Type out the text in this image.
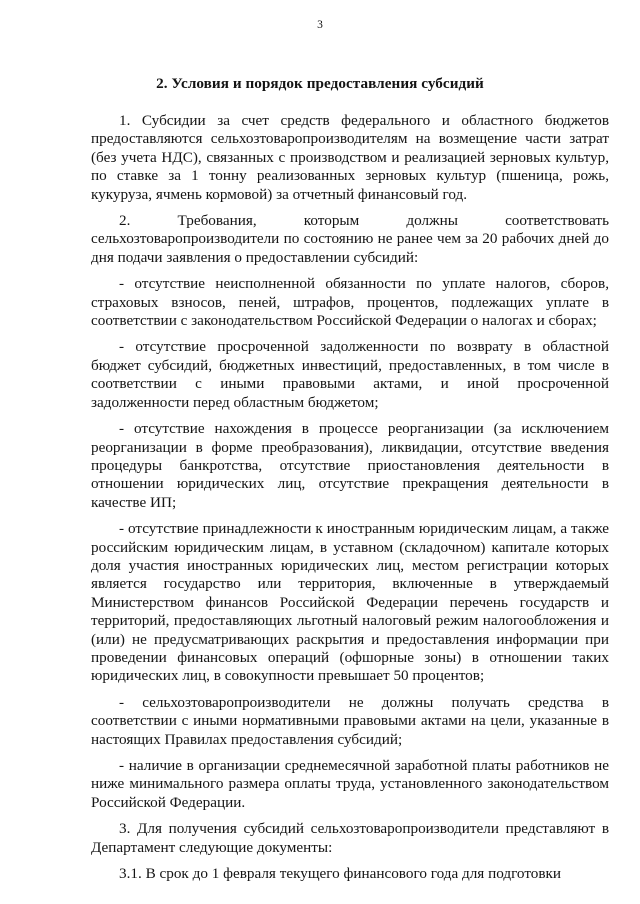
3
2. Условия и порядок предоставления субсидий

1. Субсидии за счет средств федерального и областного бюджетов предоставляются сельхозтоваропроизводителям на возмещение части затрат (без учета НДС), связанных с производством и реализацией зерновых культур, по ставке за 1 тонну реализованных зерновых культур (пшеница, рожь, кукуруза, ячмень кормовой) за отчетный финансовый год.

2. Требования, которым должны соответствовать сельхозтоваропроизводители по состоянию не ранее чем за 20 рабочих дней до дня подачи заявления о предоставлении субсидий:

- отсутствие неисполненной обязанности по уплате налогов, сборов, страховых взносов, пеней, штрафов, процентов, подлежащих уплате в соответствии с законодательством Российской Федерации о налогах и сборах;

- отсутствие просроченной задолженности по возврату в областной бюджет субсидий, бюджетных инвестиций, предоставленных, в том числе в соответствии с иными правовыми актами, и иной просроченной задолженности перед областным бюджетом;

- отсутствие нахождения в процессе реорганизации (за исключением реорганизации в форме преобразования), ликвидации, отсутствие введения процедуры банкротства, отсутствие приостановления деятельности в отношении юридических лиц, отсутствие прекращения деятельности в качестве ИП;

- отсутствие принадлежности к иностранным юридическим лицам, а также российским юридическим лицам, в уставном (складочном) капитале которых доля участия иностранных юридических лиц, местом регистрации которых является государство или территория, включенные в утверждаемый Министерством финансов Российской Федерации перечень государств и территорий, предоставляющих льготный налоговый режим налогообложения и (или) не предусматривающих раскрытия и предоставления информации при проведении финансовых операций (офшорные зоны) в отношении таких юридических лиц, в совокупности превышает 50 процентов;

- сельхозтоваропроизводители не должны получать средства в соответствии с иными нормативными правовыми актами на цели, указанные в настоящих Правилах предоставления субсидий;

- наличие в организации среднемесячной заработной платы работников не ниже минимального размера оплаты труда, установленного законодательством Российской Федерации.

3. Для получения субсидий сельхозтоваропроизводители представляют в Департамент следующие документы:

3.1. В срок до 1 февраля текущего финансового года для подготовки
